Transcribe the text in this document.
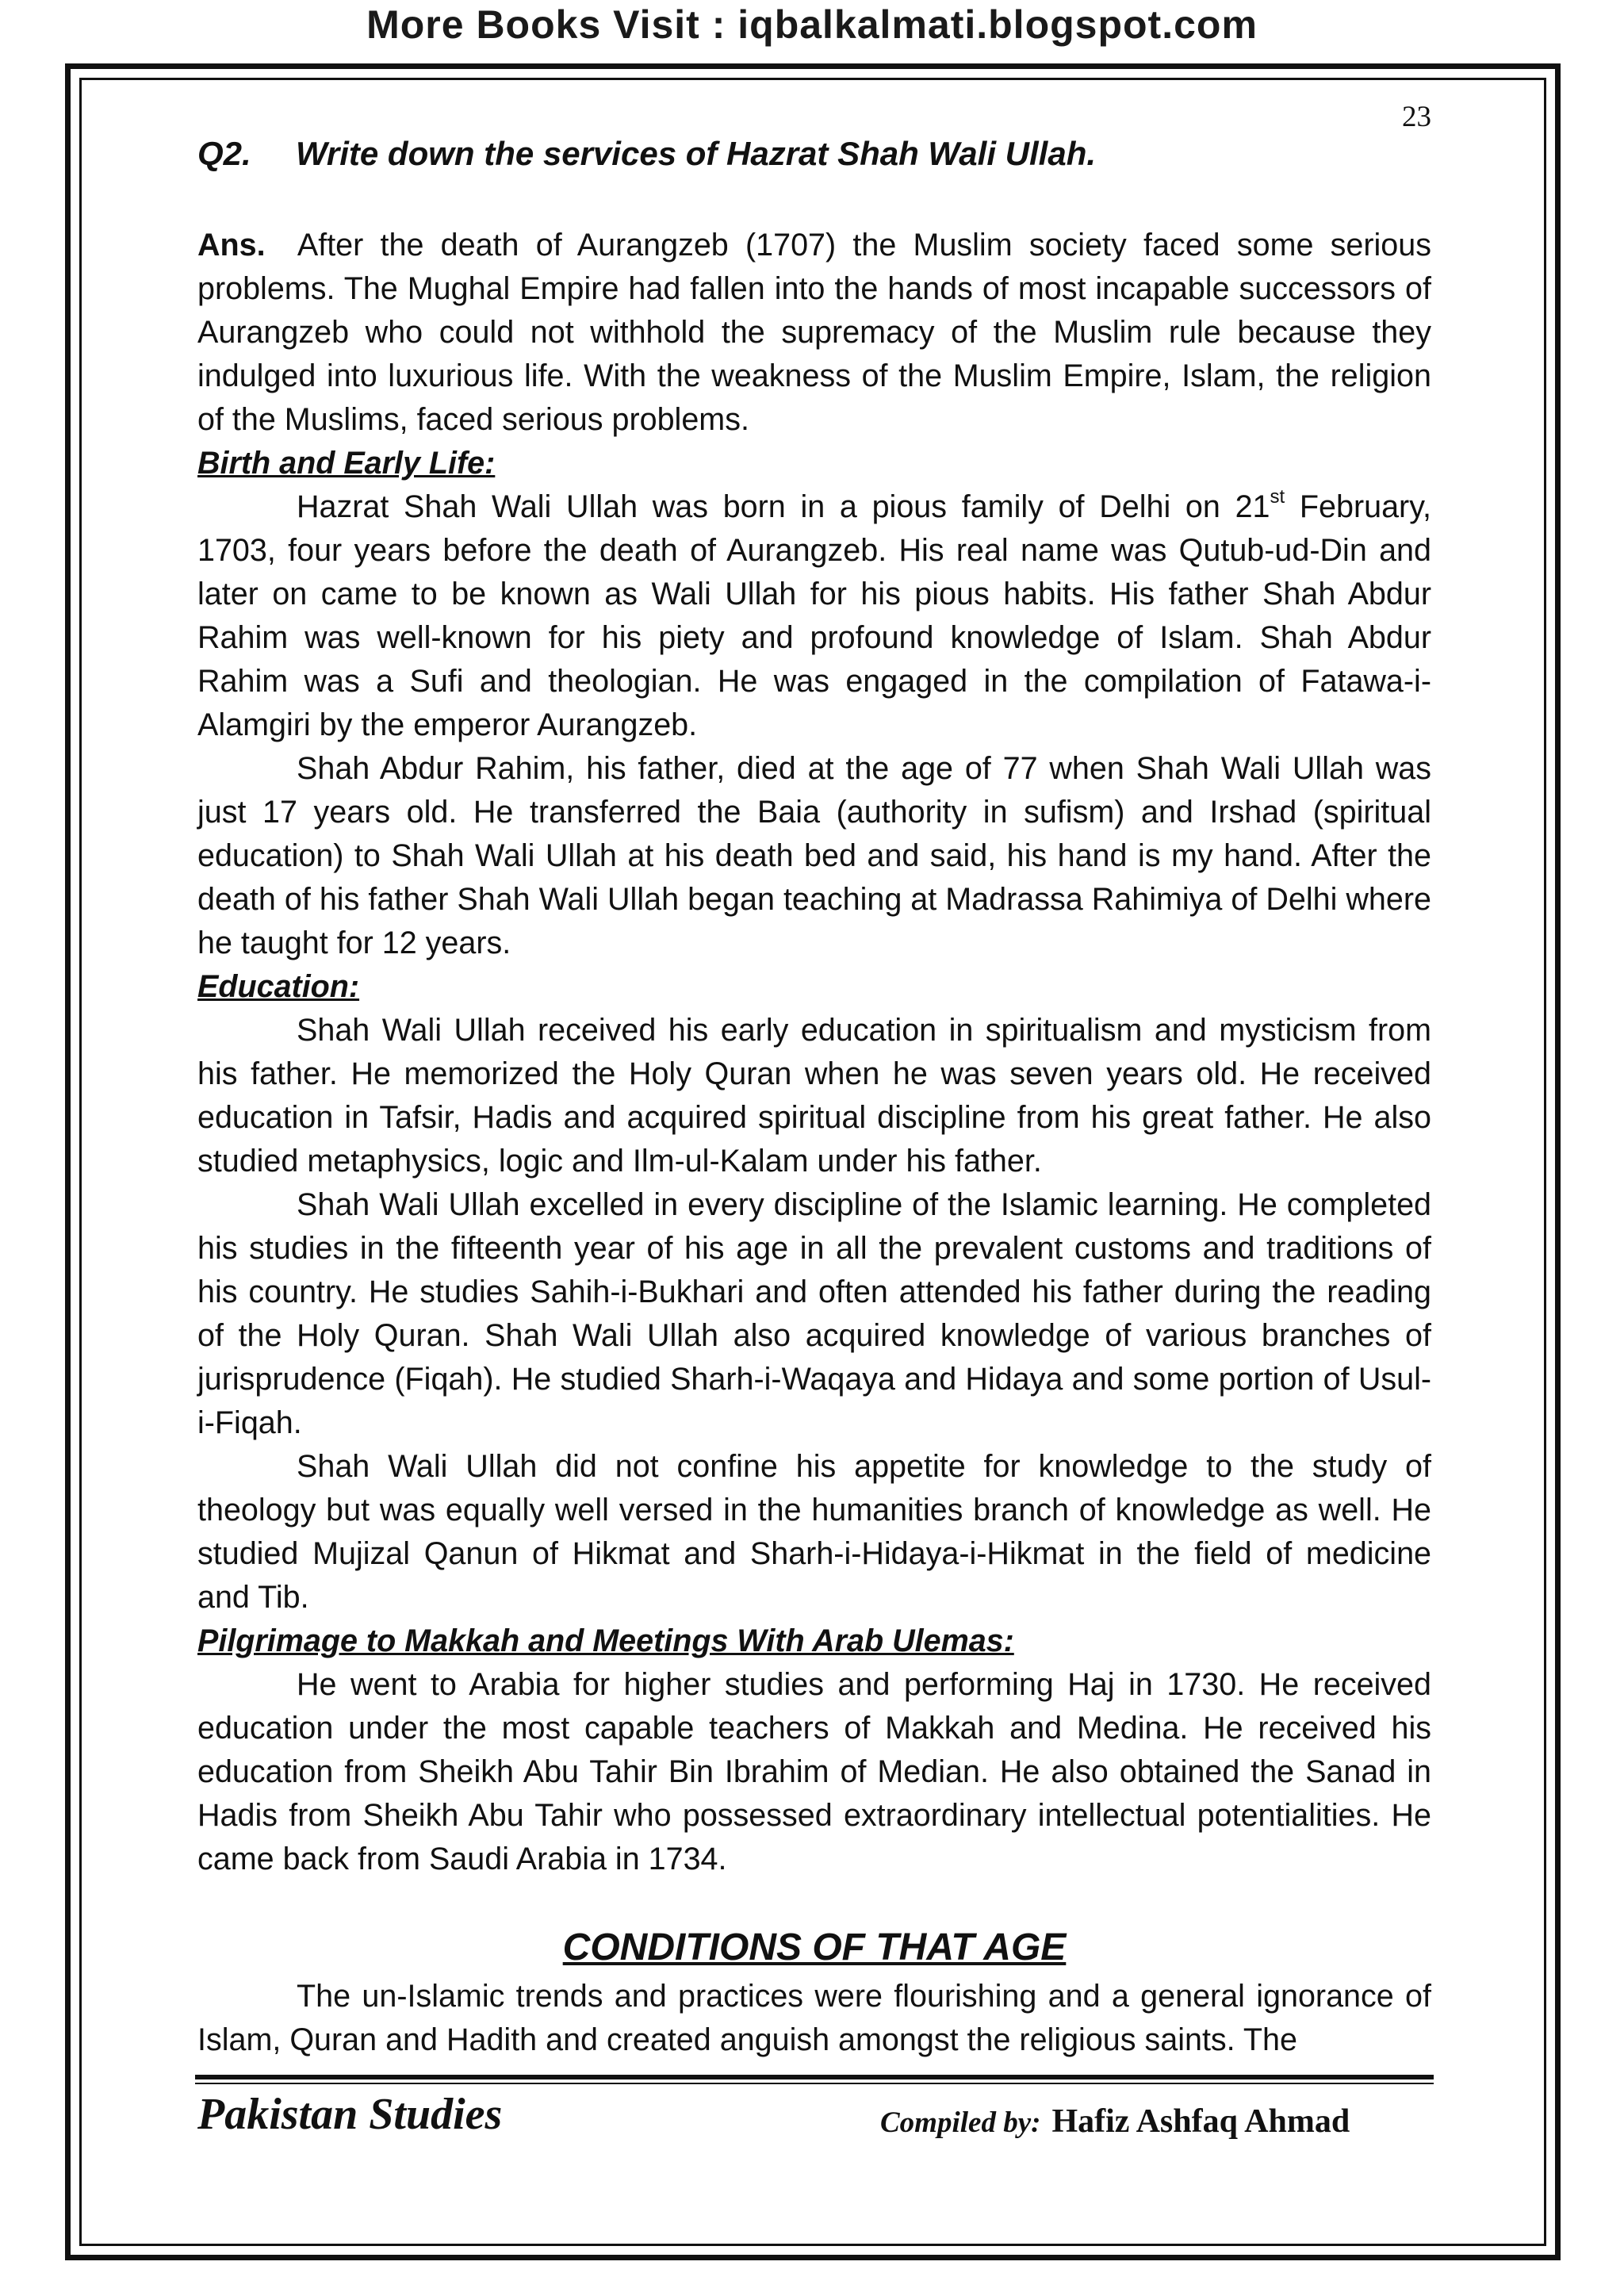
More Books Visit : iqbalkalmati.blogspot.com
23
Q2. Write down the services of Hazrat Shah Wali Ullah.

Ans. After the death of Aurangzeb (1707) the Muslim society faced some serious problems. The Mughal Empire had fallen into the hands of most incapable successors of Aurangzeb who could not withhold the supremacy of the Muslim rule because they indulged into luxurious life. With the weakness of the Muslim Empire, Islam, the religion of the Muslims, faced serious problems.

Birth and Early Life:

Hazrat Shah Wali Ullah was born in a pious family of Delhi on 21st February, 1703, four years before the death of Aurangzeb. His real name was Qutub-ud-Din and later on came to be known as Wali Ullah for his pious habits. His father Shah Abdur Rahim was well-known for his piety and profound knowledge of Islam. Shah Abdur Rahim was a Sufi and theologian. He was engaged in the compilation of Fatawa-i-Alamgiri by the emperor Aurangzeb.

Shah Abdur Rahim, his father, died at the age of 77 when Shah Wali Ullah was just 17 years old. He transferred the Baia (authority in sufism) and Irshad (spiritual education) to Shah Wali Ullah at his death bed and said, his hand is my hand. After the death of his father Shah Wali Ullah began teaching at Madrassa Rahimiya of Delhi where he taught for 12 years.

Education:

Shah Wali Ullah received his early education in spiritualism and mysticism from his father. He memorized the Holy Quran when he was seven years old. He received education in Tafsir, Hadis and acquired spiritual discipline from his great father. He also studied metaphysics, logic and Ilm-ul-Kalam under his father.

Shah Wali Ullah excelled in every discipline of the Islamic learning. He completed his studies in the fifteenth year of his age in all the prevalent customs and traditions of his country. He studies Sahih-i-Bukhari and often attended his father during the reading of the Holy Quran. Shah Wali Ullah also acquired knowledge of various branches of jurisprudence (Fiqah). He studied Sharh-i-Waqaya and Hidaya and some portion of Usul-i-Fiqah.

Shah Wali Ullah did not confine his appetite for knowledge to the study of theology but was equally well versed in the humanities branch of knowledge as well. He studied Mujizal Qanun of Hikmat and Sharh-i-Hidaya-i-Hikmat in the field of medicine and Tib.

Pilgrimage to Makkah and Meetings With Arab Ulemas:

He went to Arabia for higher studies and performing Haj in 1730. He received education under the most capable teachers of Makkah and Medina. He received his education from Sheikh Abu Tahir Bin Ibrahim of Median. He also obtained the Sanad in Hadis from Sheikh Abu Tahir who possessed extraordinary intellectual potentialities. He came back from Saudi Arabia in 1734.

CONDITIONS OF THAT AGE

The un-Islamic trends and practices were flourishing and a general ignorance of Islam, Quran and Hadith and created anguish amongst the religious saints. The

Pakistan Studies	Compiled by: Hafiz Ashfaq Ahmad
